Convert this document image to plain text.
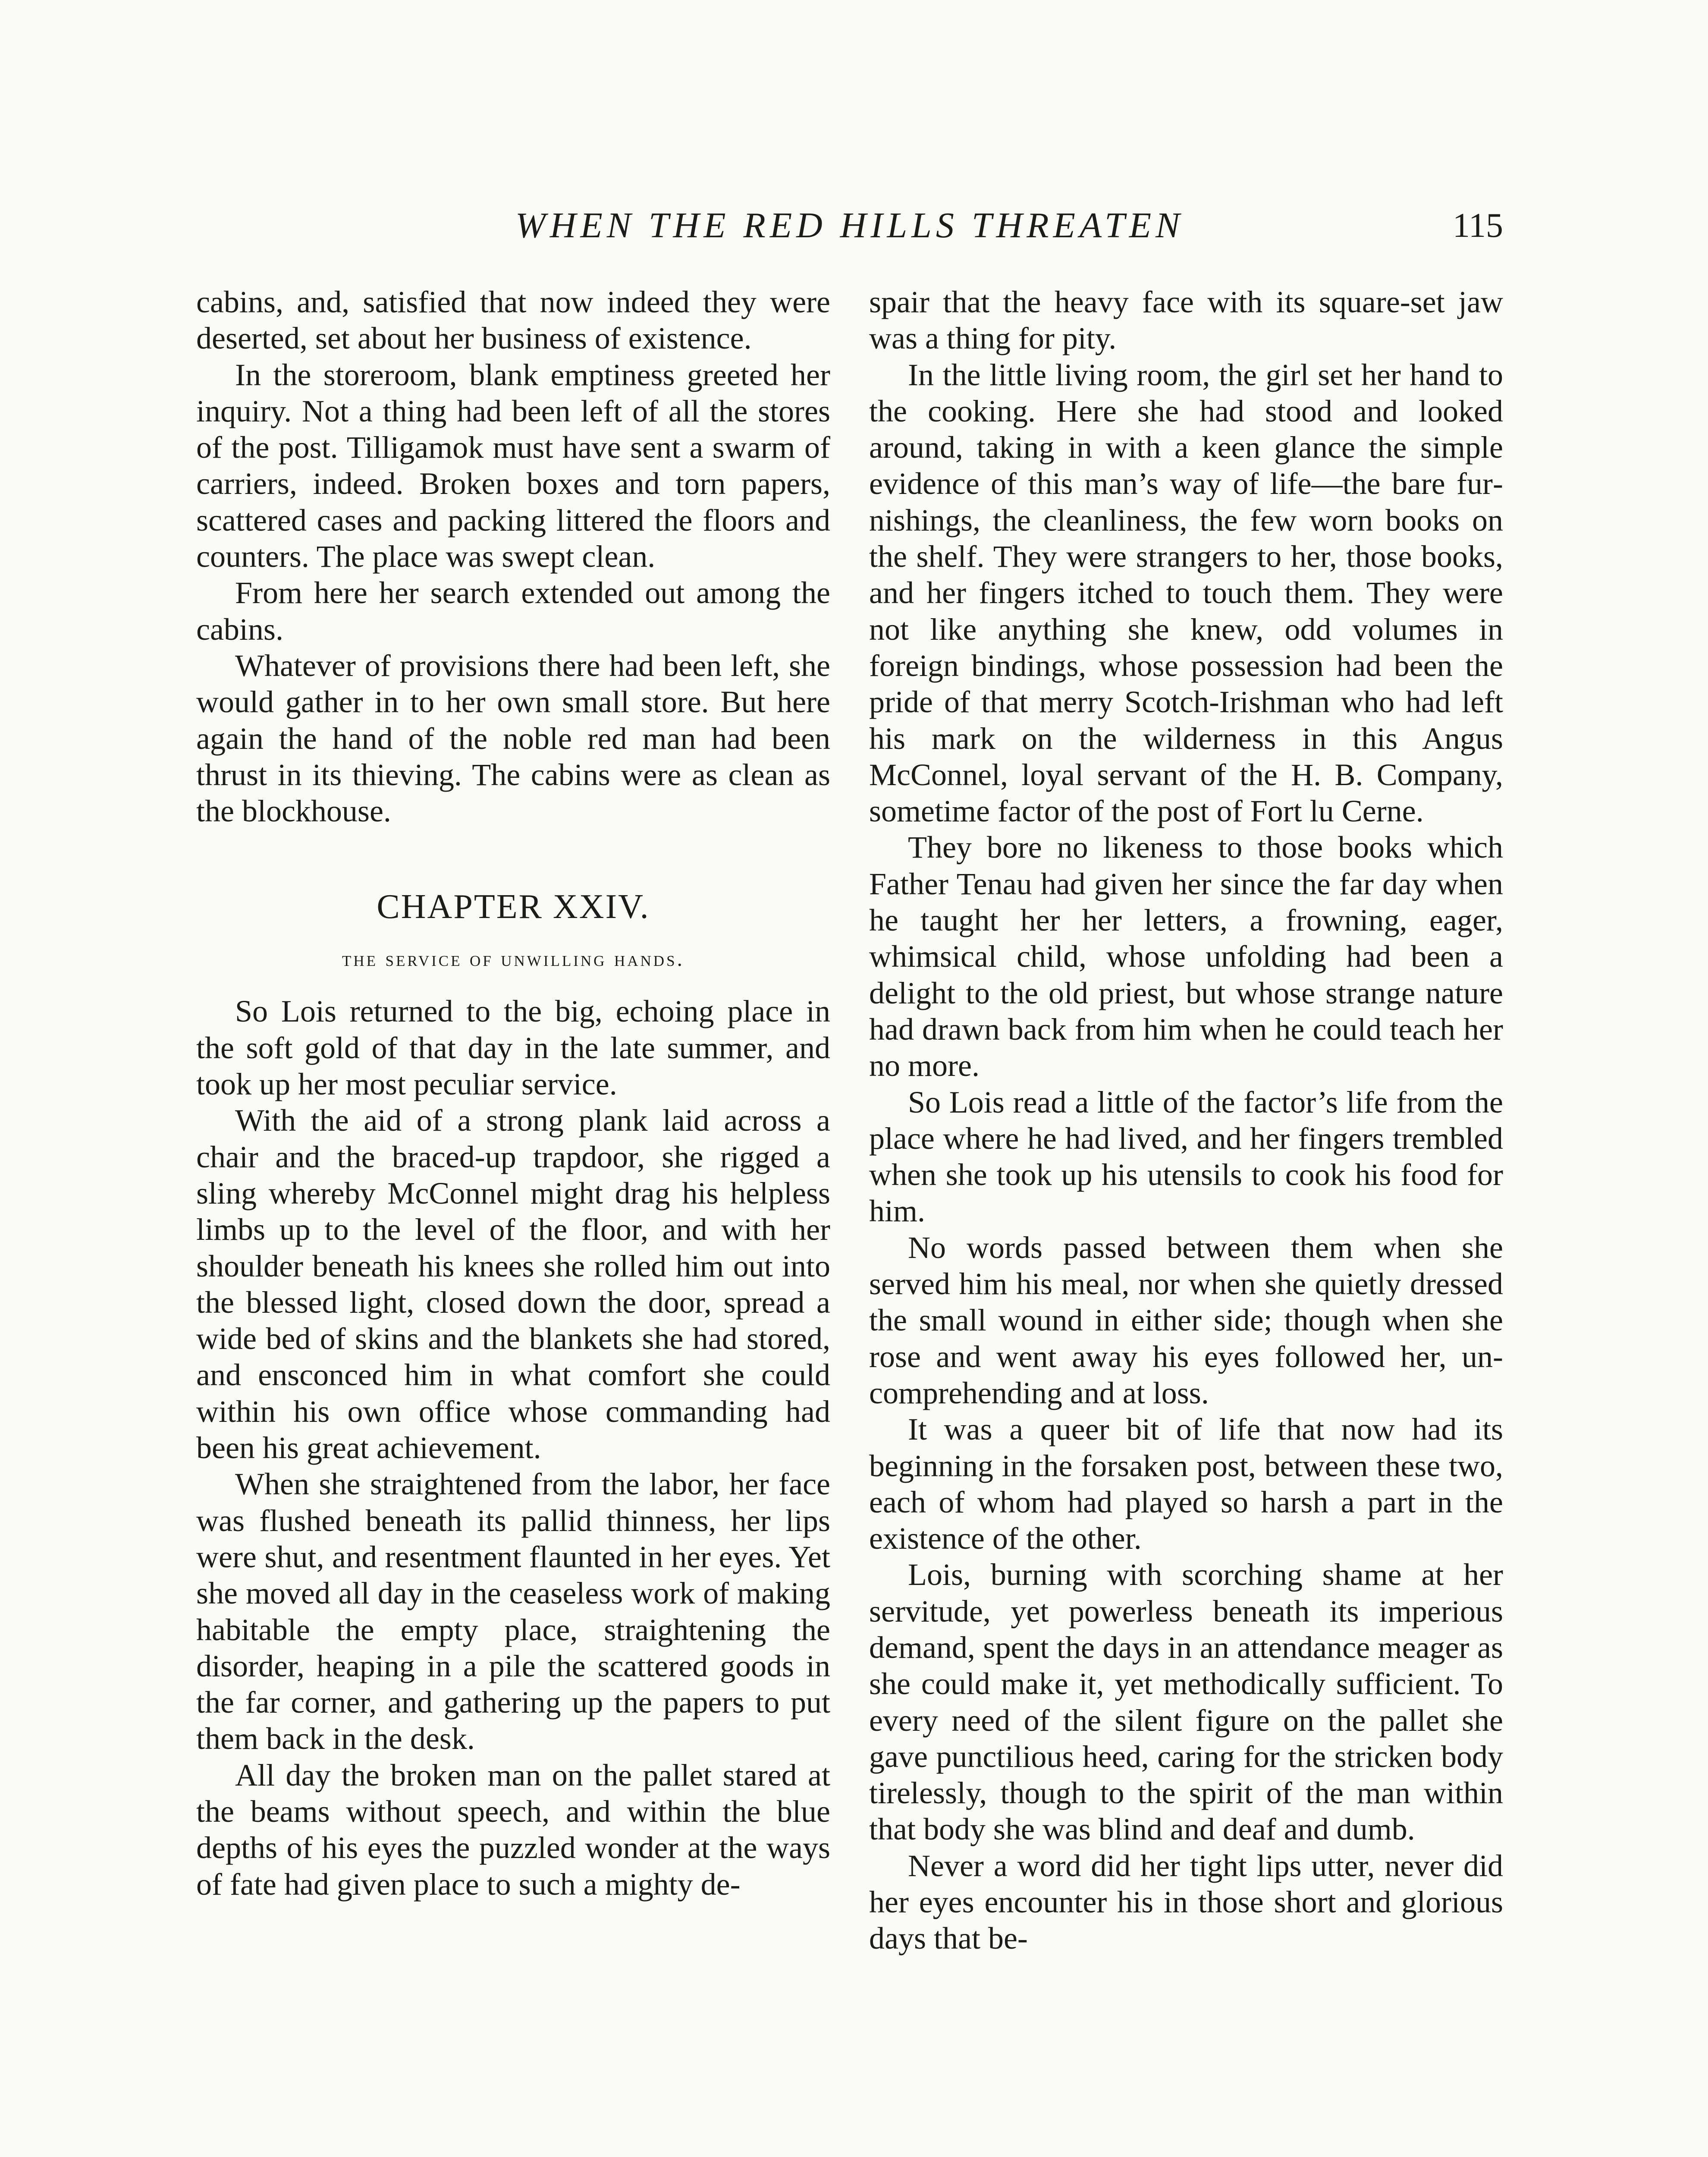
WHEN THE RED HILLS THREATEN	115

cabins, and, satisfied that now indeed they were deserted, set about her business of existence.

In the storeroom, blank emptiness greeted her inquiry. Not a thing had been left of all the stores of the post. Tilligamok must have sent a swarm of carriers, indeed. Broken boxes and torn papers, scattered cases and packing littered the floors and counters. The place was swept clean.

From here her search extended out among the cabins.

Whatever of provisions there had been left, she would gather in to her own small store. But here again the hand of the noble red man had been thrust in its thieving. The cabins were as clean as the blockhouse.

CHAPTER XXIV.
the service of unwilling hands.

So Lois returned to the big, echoing place in the soft gold of that day in the late summer, and took up her most peculiar service.

With the aid of a strong plank laid across a chair and the braced-up trapdoor, she rigged a sling whereby McConnel might drag his helpless limbs up to the level of the floor, and with her shoulder beneath his knees she rolled him out into the blessed light, closed down the door, spread a wide bed of skins and the blankets she had stored, and ensconced him in what comfort she could within his own office whose commanding had been his great achievement.

When she straightened from the labor, her face was flushed beneath its pallid thinness, her lips were shut, and resentment flaunted in her eyes. Yet she moved all day in the ceaseless work of making habitable the empty place, straightening the disorder, heaping in a pile the scattered goods in the far corner, and gathering up the papers to put them back in the desk.

All day the broken man on the pallet stared at the beams without speech, and within the blue depths of his eyes the puzzled wonder at the ways of fate had given place to such a mighty de-

spair that the heavy face with its square-set jaw was a thing for pity.

In the little living room, the girl set her hand to the cooking. Here she had stood and looked around, taking in with a keen glance the simple evidence of this man’s way of life—the bare furnishings, the cleanliness, the few worn books on the shelf. They were strangers to her, those books, and her fingers itched to touch them. They were not like anything she knew, odd volumes in foreign bindings, whose possession had been the pride of that merry Scotch-Irishman who had left his mark on the wilderness in this Angus McConnel, loyal servant of the H. B. Company, sometime factor of the post of Fort lu Cerne.

They bore no likeness to those books which Father Tenau had given her since the far day when he taught her her letters, a frowning, eager, whimsical child, whose unfolding had been a delight to the old priest, but whose strange nature had drawn back from him when he could teach her no more.

So Lois read a little of the factor’s life from the place where he had lived, and her fingers trembled when she took up his utensils to cook his food for him.

No words passed between them when she served him his meal, nor when she quietly dressed the small wound in either side; though when she rose and went away his eyes followed her, uncomprehending and at loss.

It was a queer bit of life that now had its beginning in the forsaken post, between these two, each of whom had played so harsh a part in the existence of the other.

Lois, burning with scorching shame at her servitude, yet powerless beneath its imperious demand, spent the days in an attendance meager as she could make it, yet methodically sufficient. To every need of the silent figure on the pallet she gave punctilious heed, caring for the stricken body tirelessly, though to the spirit of the man within that body she was blind and deaf and dumb.

Never a word did her tight lips utter, never did her eyes encounter his in those short and glorious days that be-
